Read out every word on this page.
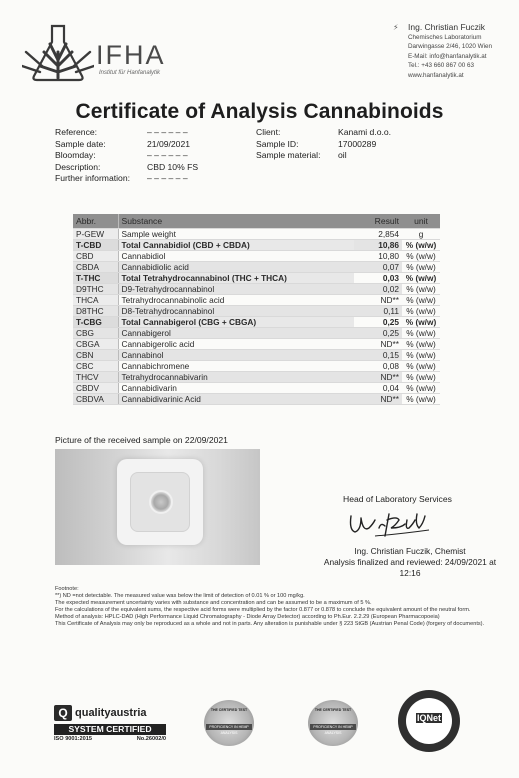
IFHA
Institut für Hanfanalytik
⚡ Ing. Christian Fuczik
Chemisches Laboratorium
Darwingasse 2/46, 1020 Wien
E-Mail: info@hanfanalytik.at
Tel.: +43 660 867 00 63
www.hanfanalytik.at
Certificate of Analysis Cannabinoids
Reference:	– – – – – –
Sample date:	21/09/2021
Bloomday:	– – – – – –
Description:	CBD 10% FS
Further information: – – – – – –
Client:	Kanami d.o.o.
Sample ID:	17000289
Sample material: oil
Abbr.	Substance	Result	unit
P-GEW	Sample weight	2,854	g
T-CBD	Total Cannabidiol (CBD + CBDA)	10,86	% (w/w)
CBD	Cannabidiol	10,80	% (w/w)
CBDA	Cannabidiolic acid	0,07	% (w/w)
T-THC	Total Tetrahydrocannabinol (THC + THCA)	0,03	% (w/w)
D9THC	D9-Tetrahydrocannabinol	0,02	% (w/w)
THCA	Tetrahydrocannabinolic acid	ND**	% (w/w)
D8THC	D8-Tetrahydrocannabinol	0,11	% (w/w)
T-CBG	Total Cannabigerol (CBG + CBGA)	0,25	% (w/w)
CBG	Cannabigerol	0,25	% (w/w)
CBGA	Cannabigerolic acid	ND**	% (w/w)
CBN	Cannabinol	0,15	% (w/w)
CBC	Cannabichromene	0,08	% (w/w)
THCV	Tetrahydrocannabivarin	ND**	% (w/w)
CBDV	Cannabidivarin	0,04	% (w/w)
CBDVA	Cannabidivarinic Acid	ND**	% (w/w)
Picture of the received sample on 22/09/2021
Head of Laboratory Services
Ing. Christian Fuczik, Chemist
Analysis finalized and reviewed: 24/09/2021 at
12:16
Footnote:
**) ND =not detectable. The measured value was below the limit of detection of 0.01 % or 100 mg/kg.
The expected measurement uncertainty varies with substance and concentration and can be assumed to be a maximum of 5 %.
For the calculations of the equivalent sums, the respective acid forms were multiplied by the factor 0.877 or 0.878 to conclude the equivalent amount of the neutral form.
Method of analysis: HPLC-DAD (High Performance Liquid Chromatography - Diode Array Detector) according to Ph.Eur. 2.2.29 (European Pharmacopoeia)
This Certificate of Analysis may only be reproduced as a whole and not in parts. Any alteration is punishable under § 223 StGB (Austrian Penal Code) (forgery of documents).
Q qualityaustria
SYSTEM CERTIFIED
ISO 9001:2015	No.26002/0
THE CERTIFIED TEST
PROFICIENCY IN HEMP ANALYSIS
THE CERTIFIED TEST
PROFICIENCY IN HEMP ANALYSIS
IQNet
